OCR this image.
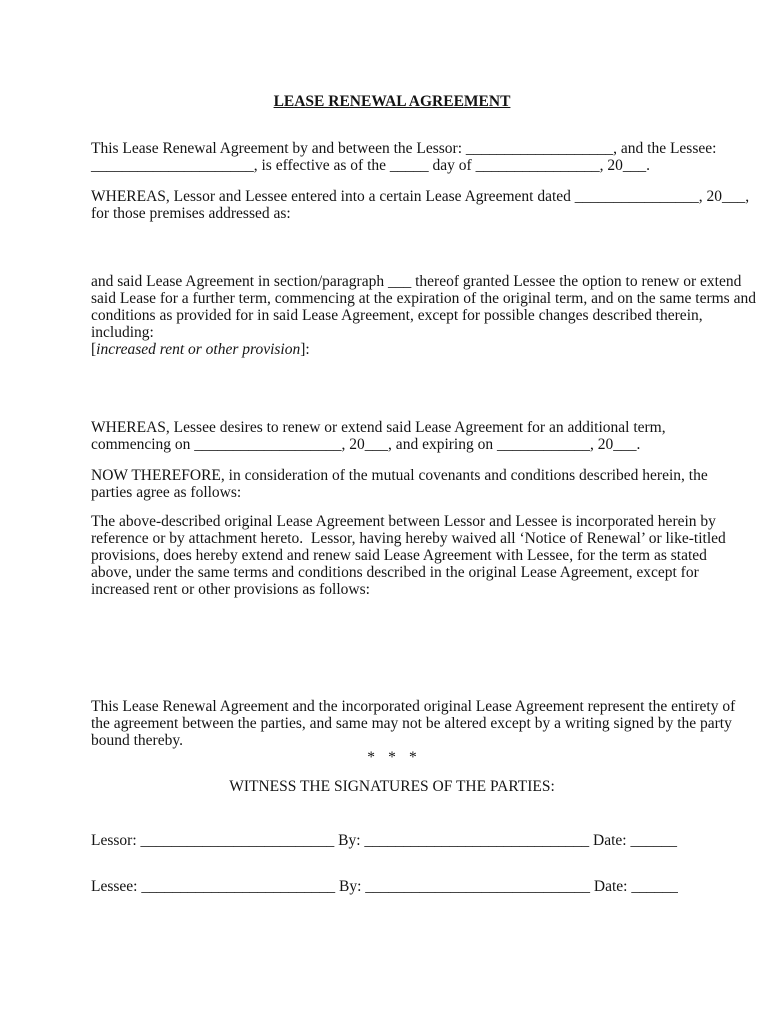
LEASE RENEWAL AGREEMENT

This Lease Renewal Agreement by and between the Lessor: ___________________, and the Lessee:
_____________________, is effective as of the _____ day of ________________, 20___.

WHEREAS, Lessor and Lessee entered into a certain Lease Agreement dated ________________, 20___,
for those premises addressed as:

and said Lease Agreement in section/paragraph ___ thereof granted Lessee the option to renew or extend
said Lease for a further term, commencing at the expiration of the original term, and on the same terms and
conditions as provided for in said Lease Agreement, except for possible changes described therein,
including:
[increased rent or other provision]:

WHEREAS, Lessee desires to renew or extend said Lease Agreement for an additional term,
commencing on ___________________, 20___, and expiring on ____________, 20___.

NOW THEREFORE, in consideration of the mutual covenants and conditions described herein, the
parties agree as follows:

The above-described original Lease Agreement between Lessor and Lessee is incorporated herein by
reference or by attachment hereto.  Lessor, having hereby waived all ‘Notice of Renewal’ or like-titled
provisions, does hereby extend and renew said Lease Agreement with Lessee, for the term as stated
above, under the same terms and conditions described in the original Lease Agreement, except for
increased rent or other provisions as follows:

This Lease Renewal Agreement and the incorporated original Lease Agreement represent the entirety of
the agreement between the parties, and same may not be altered except by a writing signed by the party
bound thereby.

* * *
WITNESS THE SIGNATURES OF THE PARTIES:
Lessor: _________________________ By: _____________________________ Date: ______
Lessee: _________________________ By: _____________________________ Date: ______
